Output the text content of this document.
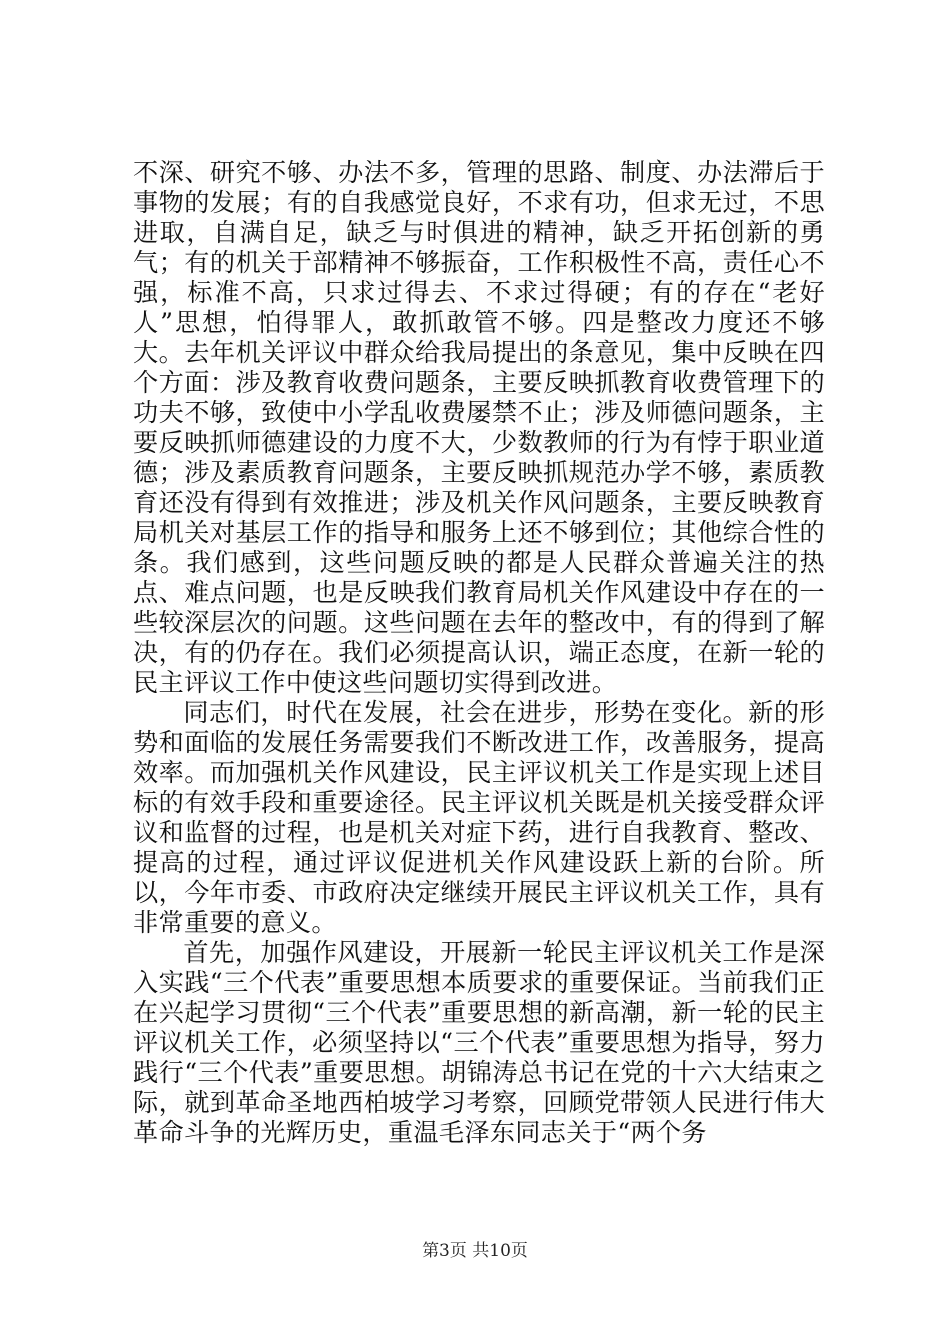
不深、研究不够、办法不多，管理的思路、制度、办法滞后于事物的发展；有的自我感觉良好，不求有功，但求无过，不思进取，自满自足，缺乏与时俱进的精神，缺乏开拓创新的勇气；有的机关于部精神不够振奋，工作积极性不高，责任心不强，标准不高，只求过得去、不求过得硬；有的存在“老好人”思想，怕得罪人，敢抓敢管不够。四是整改力度还不够大。去年机关评议中群众给我局提出的条意见，集中反映在四个方面：涉及教育收费问题条，主要反映抓教育收费管理下的功夫不够，致使中小学乱收费屡禁不止；涉及师德问题条，主要反映抓师德建设的力度不大，少数教师的行为有悖于职业道德；涉及素质教育问题条，主要反映抓规范办学不够，素质教育还没有得到有效推进；涉及机关作风问题条，主要反映教育局机关对基层工作的指导和服务上还不够到位；其他综合性的条。我们感到，这些问题反映的都是人民群众普遍关注的热点、难点问题，也是反映我们教育局机关作风建设中存在的一些较深层次的问题。这些问题在去年的整改中，有的得到了解决，有的仍存在。我们必须提高认识，端正态度，在新一轮的民主评议工作中使这些问题切实得到改进。

同志们，时代在发展，社会在进步，形势在变化。新的形势和面临的发展任务需要我们不断改进工作，改善服务，提高效率。而加强机关作风建设，民主评议机关工作是实现上述目标的有效手段和重要途径。民主评议机关既是机关接受群众评议和监督的过程，也是机关对症下药，进行自我教育、整改、提高的过程，通过评议促进机关作风建设跃上新的台阶。所以，今年市委、市政府决定继续开展民主评议机关工作，具有非常重要的意义。

首先，加强作风建设，开展新一轮民主评议机关工作是深入实践“三个代表”重要思想本质要求的重要保证。当前我们正在兴起学习贯彻“三个代表”重要思想的新高潮，新一轮的民主评议机关工作，必须坚持以“三个代表”重要思想为指导，努力践行“三个代表”重要思想。胡锦涛总书记在党的十六大结束之际，就到革命圣地西柏坡学习考察，回顾党带领人民进行伟大革命斗争的光辉历史，重温毛泽东同志关于“两个务

第3页 共10页
